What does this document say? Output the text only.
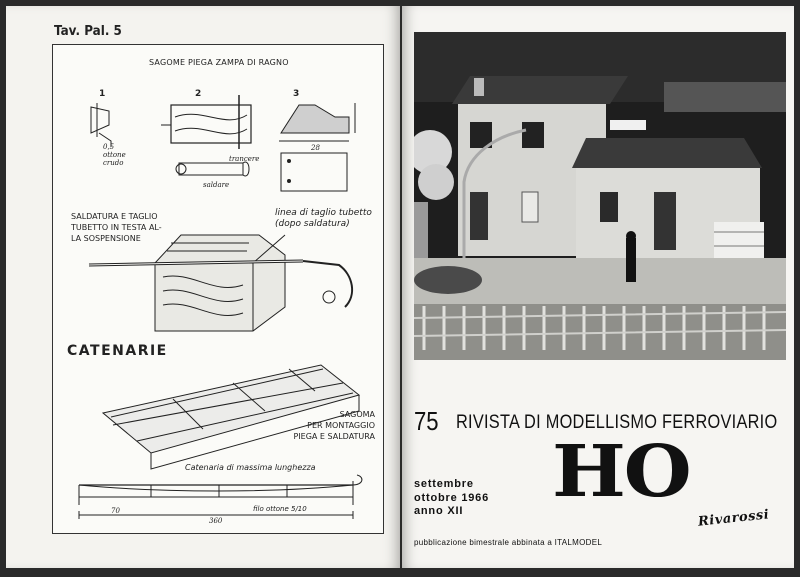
Tav. Pal. 5
SAGOME PIEGA ZAMPA DI RAGNO
1	2	3
0,5
ottone
crudo	trancere
saldare
28
SALDATURA E TAGLIO
TUBETTO IN TESTA AL-
LA SOSPENSIONE
linea di taglio tubetto
(dopo saldatura)
CATENARIE
SAGOMA
PER MONTAGGIO
PIEGA E SALDATURA
Catenaria di massima lunghezza
70
360
filo ottone 5/10
75 RIVISTA DI MODELLISMO FERROVIARIO
settembre
ottobre 1966
anno XII	HO
Rivarossi
pubblicazione bimestrale abbinata a ITALMODEL
